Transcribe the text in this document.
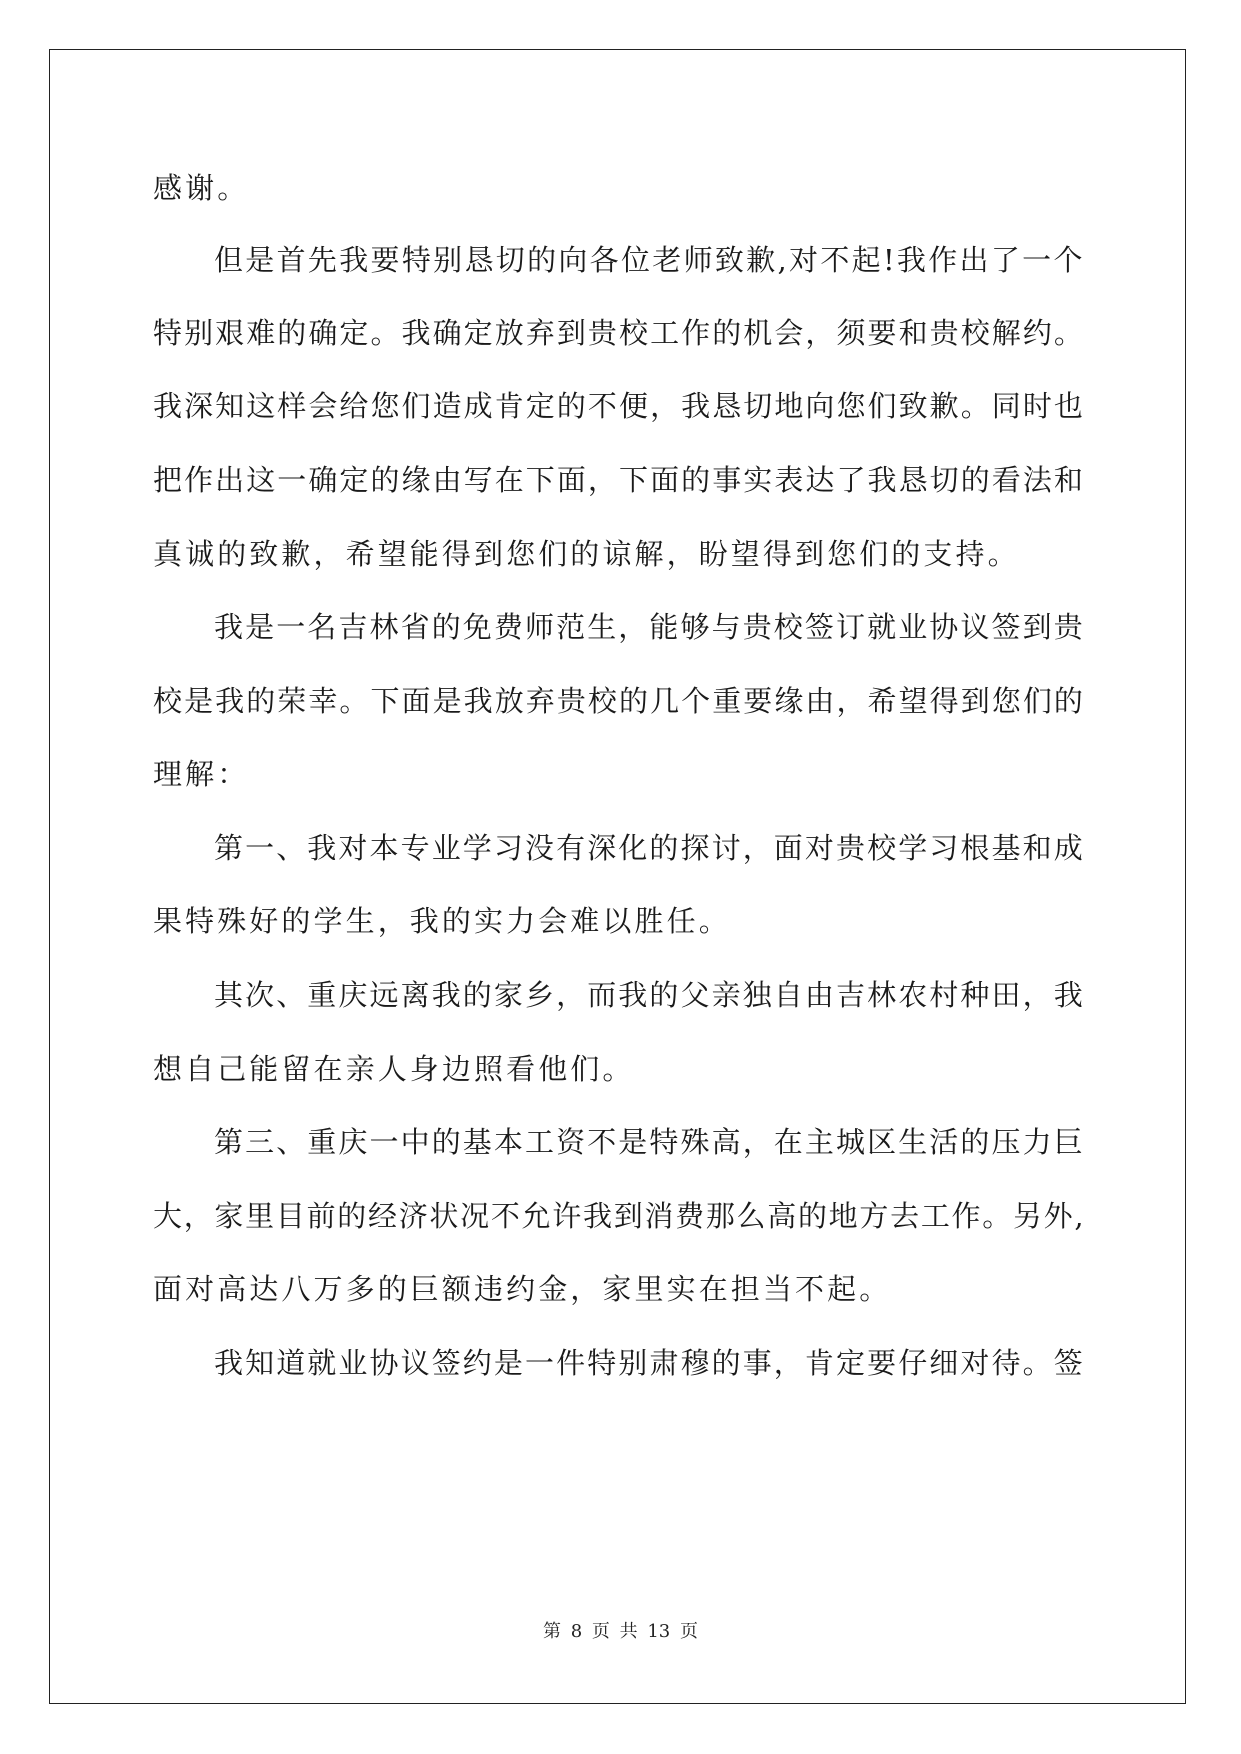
感谢。
但是首先我要特别恳切的向各位老师致歉,对不起!我作出了一个
特别艰难的确定。我确定放弃到贵校工作的机会，须要和贵校解约。
我深知这样会给您们造成肯定的不便，我恳切地向您们致歉。同时也
把作出这一确定的缘由写在下面，下面的事实表达了我恳切的看法和
真诚的致歉，希望能得到您们的谅解，盼望得到您们的支持。
我是一名吉林省的免费师范生，能够与贵校签订就业协议签到贵
校是我的荣幸。下面是我放弃贵校的几个重要缘由，希望得到您们的
理解：
第一、我对本专业学习没有深化的探讨，面对贵校学习根基和成
果特殊好的学生，我的实力会难以胜任。
其次、重庆远离我的家乡，而我的父亲独自由吉林农村种田，我
想自己能留在亲人身边照看他们。
第三、重庆一中的基本工资不是特殊高，在主城区生活的压力巨
大，家里目前的经济状况不允许我到消费那么高的地方去工作。另外,
面对高达八万多的巨额违约金，家里实在担当不起。
我知道就业协议签约是一件特别肃穆的事，肯定要仔细对待。签
第 8 页 共 13 页
